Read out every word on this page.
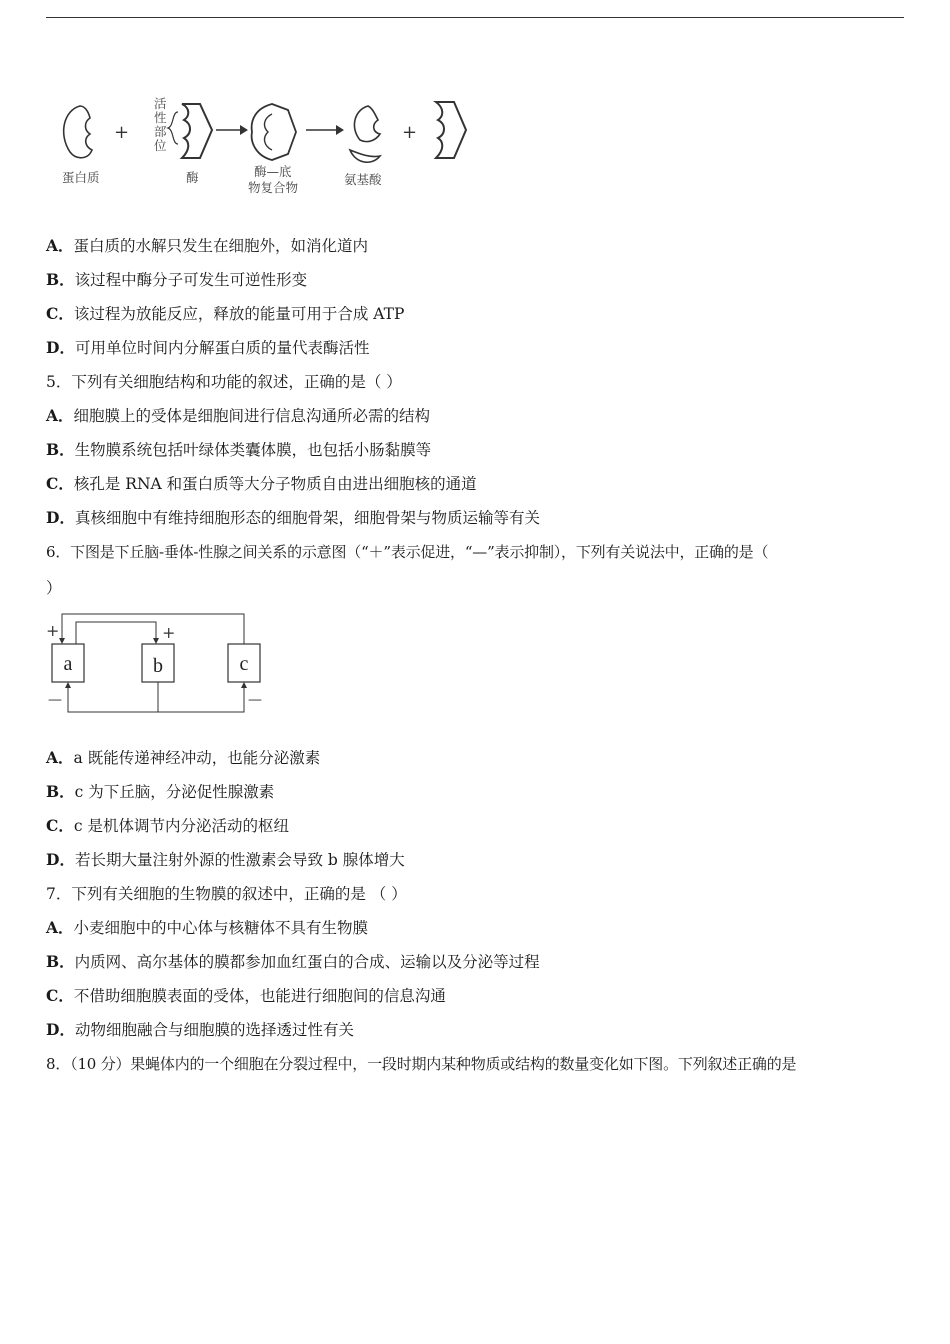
蛋白质
+
活
性
部
位
酶	酶—底
物复合物
氨基酸
+
A．蛋白质的水解只发生在细胞外，如消化道内
B．该过程中酶分子可发生可逆性形变
C．该过程为放能反应，释放的能量可用于合成 ATP
D．可用单位时间内分解蛋白质的量代表酶活性
5．下列有关细胞结构和功能的叙述，正确的是（ ）
A．细胞膜上的受体是细胞间进行信息沟通所必需的结构
B．生物膜系统包括叶绿体类囊体膜，也包括小肠黏膜等
C．核孔是 RNA 和蛋白质等大分子物质自由进出细胞核的通道
D．真核细胞中有维持细胞形态的细胞骨架，细胞骨架与物质运输等有关
6．下图是下丘脑-垂体-性腺之间关系的示意图（“＋”表示促进，“—”表示抑制），下列有关说法中，正确的是（
）
a	b	c
+	+
—	—
A．a 既能传递神经冲动，也能分泌激素
B．c 为下丘脑，分泌促性腺激素
C．c 是机体调节内分泌活动的枢纽
D．若长期大量注射外源的性激素会导致 b 腺体增大
7．下列有关细胞的生物膜的叙述中，正确的是 （ ）
A．小麦细胞中的中心体与核糖体不具有生物膜
B．内质网、高尔基体的膜都参加血红蛋白的合成、运输以及分泌等过程
C．不借助细胞膜表面的受体，也能进行细胞间的信息沟通
D．动物细胞融合与细胞膜的选择透过性有关
8．（10 分）果蝇体内的一个细胞在分裂过程中，一段时期内某种物质或结构的数量变化如下图。下列叙述正确的是
